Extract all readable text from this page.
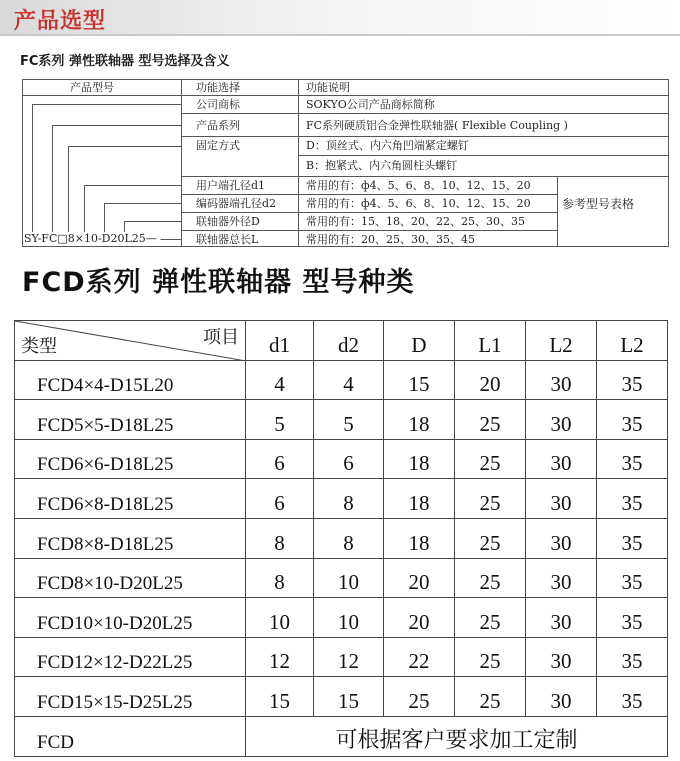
产品选型
FC系列 弹性联轴器 型号选择及含义
产品型号	功能选择	功能说明
公司商标	SOKYO公司产品商标简称
产品系列	FC系列硬质铝合金弹性联轴器( Flexible Coupling )
固定方式	D：顶丝式、内六角凹端紧定螺钉
B：抱紧式、内六角圆柱头螺钉
用户端孔径d1	常用的有：ф4、5、6、8、10、12、15、20
编码器端孔径d2	常用的有：ф4、5、6、8、10、12、15、20
联轴器外径D	常用的有：15、18、20、22、25、30、35
联轴器总长L	常用的有：20、25、30、35、45
参考型号表格
SY-FC□8×10-D20L25—
FCD系列 弹性联轴器 型号种类
项目
类型	d1	d2	D	L1	L2	L2
FCD4×4-D15L20	4	4	15	20	30	35
FCD5×5-D18L25	5	5	18	25	30	35
FCD6×6-D18L25	6	6	18	25	30	35
FCD6×8-D18L25	6	8	18	25	30	35
FCD8×8-D18L25	8	8	18	25	30	35
FCD8×10-D20L25	8	10	20	25	30	35
FCD10×10-D20L25	10	10	20	25	30	35
FCD12×12-D22L25	12	12	22	25	30	35
FCD15×15-D25L25	15	15	25	25	30	35
FCD	可根据客户要求加工定制					
